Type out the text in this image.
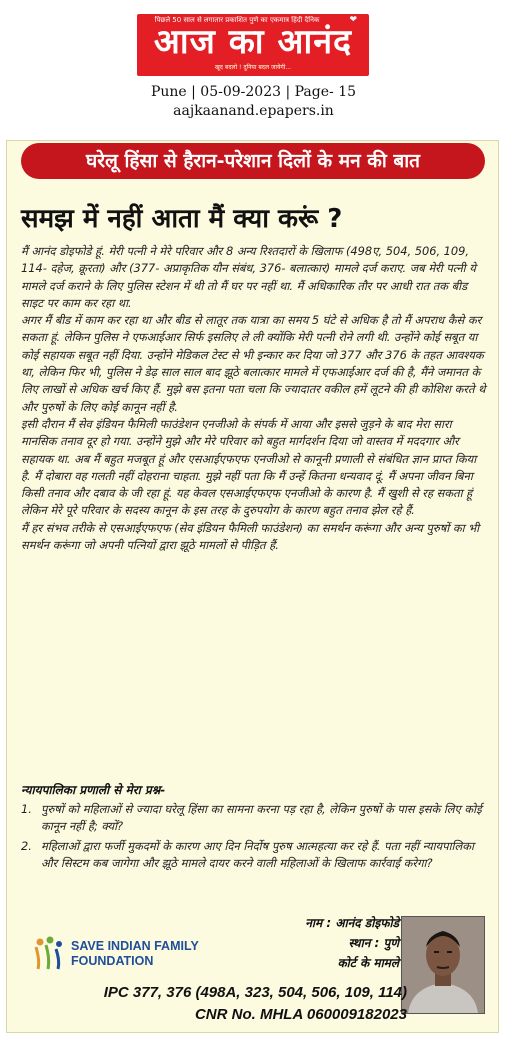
पिछले 50 साल से लगातार प्रकाशित पुणे का एकमात्र हिंदी दैनिक	❤
आज का आनंद
खूद बदलो ! दुनिया बदल जायेगी...
Pune | 05-09-2023 | Page- 15
aajkaanand.epapers.in
घरेलू हिंसा से हैरान-परेशान दिलों के मन की बात
समझ में नहीं आता मैं क्या करूं ?

मैं आनंद डोइफोडे हूं. मेरी पत्नी ने मेरे परिवार और 8 अन्य रिश्तदारों के खिलाफ (498ए, 504, 506, 109, 114- दहेज, क्रूरता) और (377- अप्राकृतिक यौन संबंध, 376- बलात्कार) मामले दर्ज कराए. जब मेरी पत्नी ये मामले दर्ज कराने के लिए पुलिस स्टेशन में थी तो मैं घर पर नहीं था. मैं अधिकारिक तौर पर आधी रात तक बीड साइट पर काम कर रहा था.

अगर मैं बीड में काम कर रहा था और बीड से लातूर तक यात्रा का समय 5 घंटे से अधिक है तो मैं अपराध कैसे कर सकता हूं. लेकिन पुलिस ने एफआईआर सिर्फ इसलिए ले ली क्योंकि मेरी पत्नी रोने लगी थी. उन्होंने कोई सबूत या कोई सहायक सबूत नहीं दिया. उन्होंने मेडिकल टेस्ट से भी इन्कार कर दिया जो 377 और 376 के तहत आवश्यक था, लेकिन फिर भी, पुलिस ने डेढ़ साल साल बाद झूठे बलात्कार मामले में एफआईआर दर्ज की है, मैंने जमानत के लिए लाखों से अधिक खर्च किए हैं. मुझे बस इतना पता चला कि ज्यादातर वकील हमें लूटने की ही कोशिश करते थे और पुरुषों के लिए कोई कानून नहीं है.

इसी दौरान मैं सेव इंडियन फैमिली फाउंडेशन एनजीओ के संपर्क में आया और इससे जुड़ने के बाद मेरा सारा मानसिक तनाव दूर हो गया. उन्होंने मुझे और मेरे परिवार को बहुत मार्गदर्शन दिया जो वास्तव में मददगार और सहायक था. अब मैं बहुत मजबूत हूं और एसआईएफएफ एनजीओ से कानूनी प्रणाली से संबंधित ज्ञान प्राप्त किया है. मैं दोबारा वह गलती नहीं दोहराना चाहता. मुझे नहीं पता कि मैं उन्हें कितना धन्यवाद दूं. मैं अपना जीवन बिना किसी तनाव और दबाव के जी रहा हूं. यह केवल एसआईएफएफ एनजीओ के कारण है. मैं खुशी से रह सकता हूं लेकिन मेरे पूरे परिवार के सदस्य कानून के इस तरह के दुरुपयोग के कारण बहुत तनाव झेल रहे हैं.

मैं हर संभव तरीके से एसआईएफएफ (सेव इंडियन फैमिली फाउंडेशन) का समर्थन करूंगा और अन्य पुरुषों का भी समर्थन करूंगा जो अपनी पत्नियों द्वारा झूठे मामलों से पीड़ित हैं.

न्यायपालिका प्रणाली से मेरा प्रश्न-
1. पुरुषों को महिलाओं से ज्यादा घरेलू हिंसा का सामना करना पड़ रहा है, लेकिन पुरुषों के पास इसके लिए कोई कानून नहीं है; क्यों?
2. महिलाओं द्वारा फर्जी मुकदमों के कारण आए दिन निर्दोष पुरुष आत्महत्या कर रहे हैं. पता नहीं न्यायपालिका और सिस्टम कब जागेगा और झूठे मामले दायर करने वाली महिलाओं के खिलाफ कार्रवाई करेगा?
SAVE INDIAN FAMILY
FOUNDATION
नाम : आनंद डोइफोडे
स्थान : पुणे
कोर्ट के मामले
IPC 377, 376 (498A, 323, 504, 506, 109, 114)
CNR No. MHLA 060009182023
